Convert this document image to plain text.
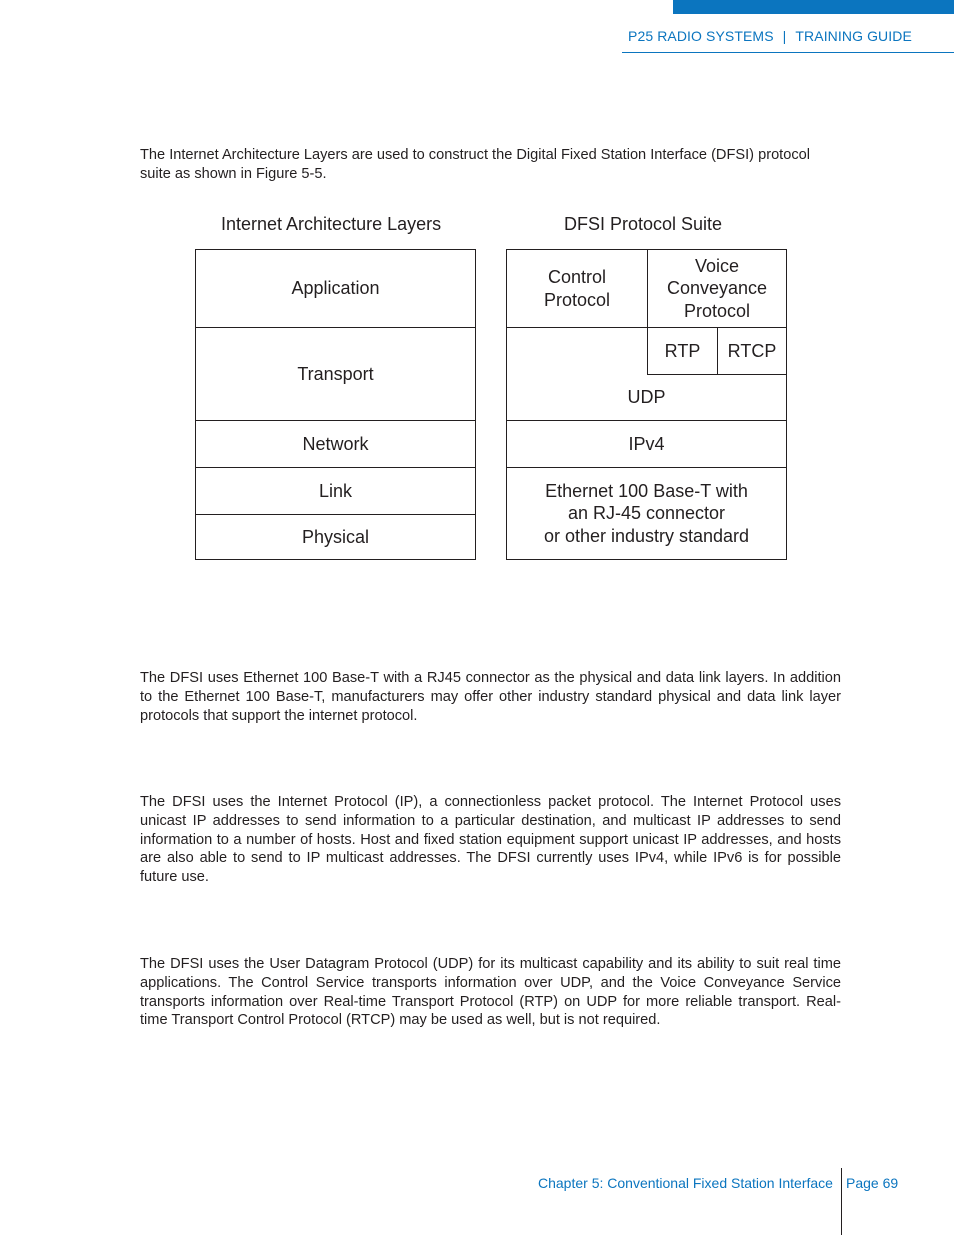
P25 RADIO SYSTEMS | TRAINING GUIDE

The Internet Architecture Layers are used to construct the Digital Fixed Station Interface (DFSI) protocol suite as shown in Figure 5-5.

Internet Architecture Layers	DFSI Protocol Suite
Application
Transport
Network
Link
Physical
Control
Protocol
Voice
Conveyance
Protocol
RTP	RTCP
UDP
IPv4
Ethernet 100 Base-T with
an RJ-45 connector
or other industry standard

The DFSI uses Ethernet 100 Base-T with a RJ45 connector as the physical and data link layers. In addition to the Ethernet 100 Base-T, manufacturers may offer other industry standard physical and data link layer protocols that support the internet protocol.

The DFSI uses the Internet Protocol (IP), a connectionless packet protocol. The Internet Protocol uses unicast IP addresses to send information to a particular destination, and multicast IP addresses to send information to a number of hosts. Host and fixed station equipment support unicast IP addresses, and hosts are also able to send to IP multicast addresses. The DFSI currently uses IPv4, while IPv6 is for possible future use.

The DFSI uses the User Datagram Protocol (UDP) for its multicast capability and its ability to suit real time applications. The Control Service transports information over UDP, and the Voice Conveyance Service transports information over Real-time Transport Protocol (RTP) on UDP for more reliable transport. Real-time Transport Control Protocol (RTCP) may be used as well, but is not required.

Chapter 5: Conventional Fixed Station Interface Page 69
